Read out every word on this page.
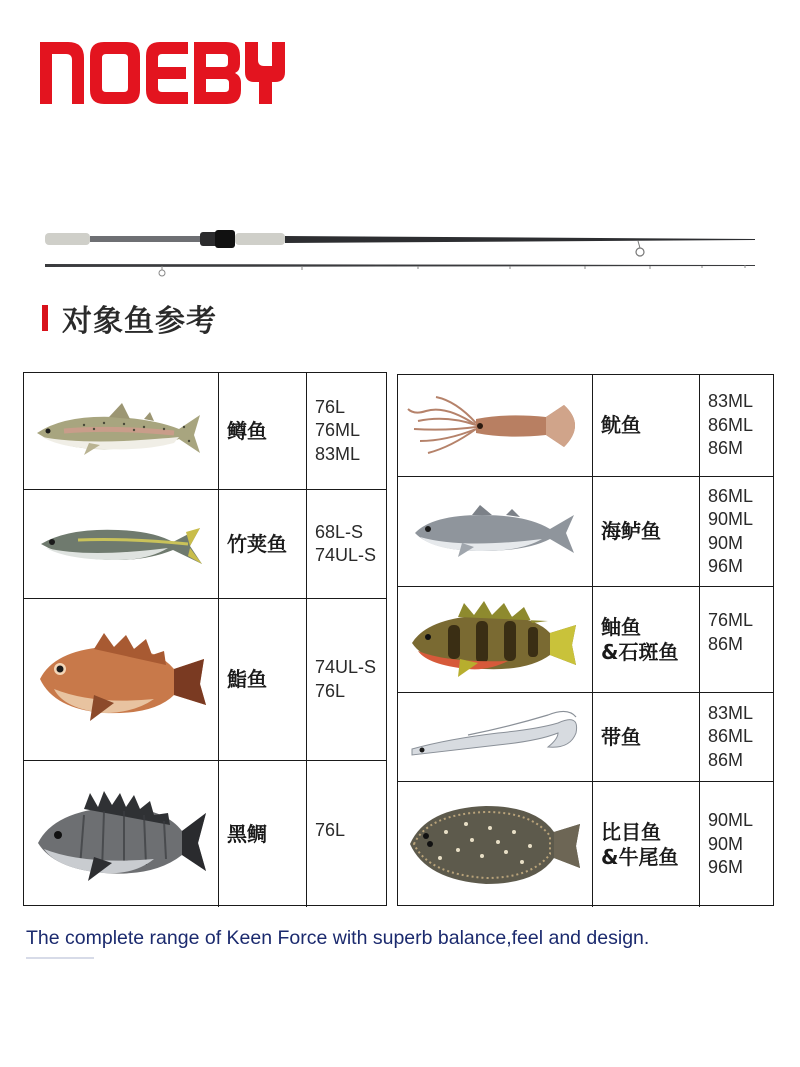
对象鱼参考
鳟鱼
76L
76ML
83ML
竹荚鱼 68L-S
74UL-S
鮨鱼	74UL-S
76L
黑鲷	76L
鱿鱼
83ML
86ML
86M
海鲈鱼
86ML
90ML
90M
96M
鲉鱼
&石斑鱼
76ML
86M
带鱼
83ML
86ML
86M
比目鱼
&牛尾鱼
90ML
90M
96M
The complete range of Keen Force with superb balance,feel and design.
